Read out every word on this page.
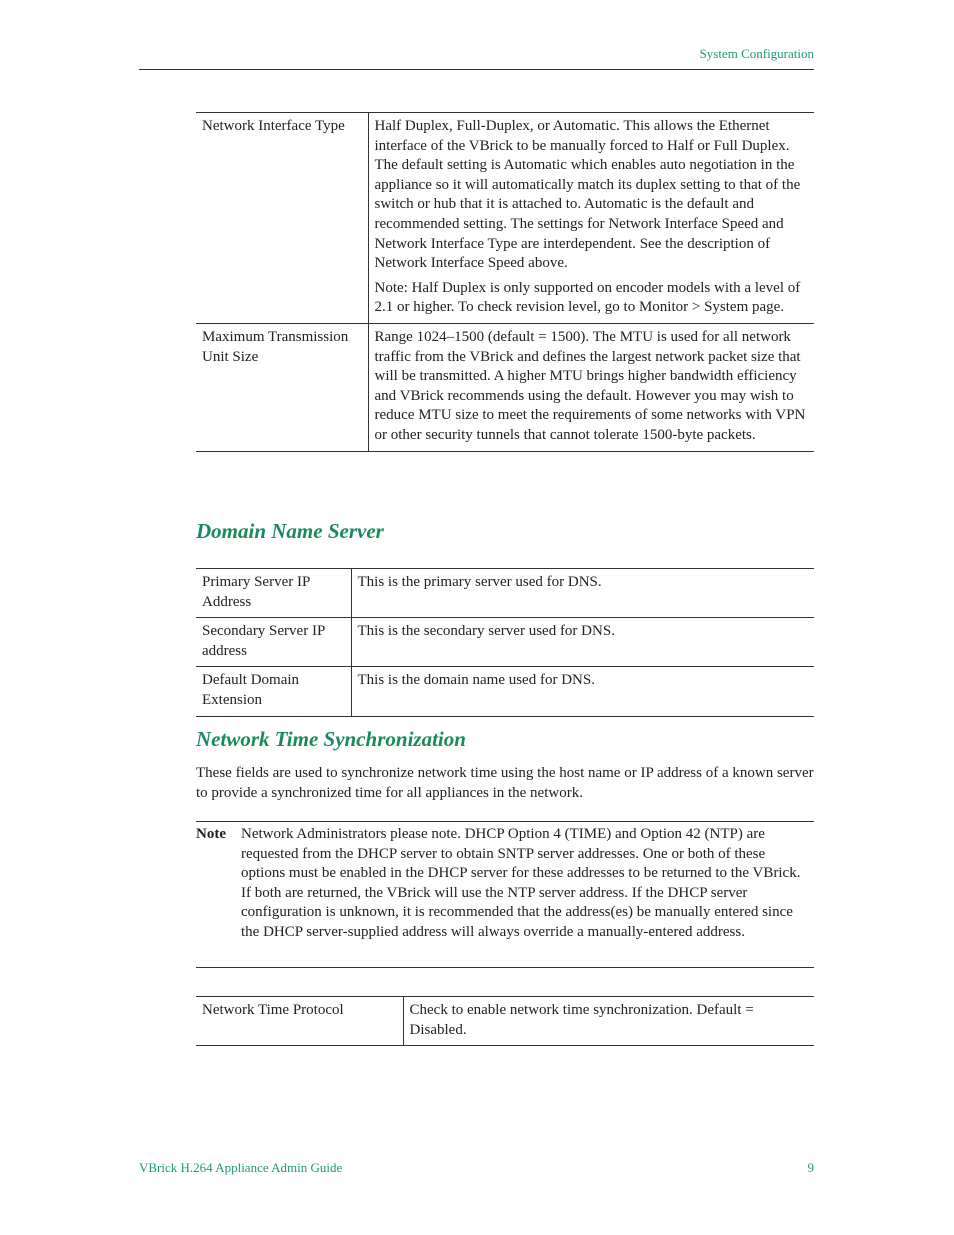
System Configuration
Network Interface Type	Half Duplex, Full-Duplex, or Automatic. This allows the Ethernet interface of the VBrick to be manually forced to Half or Full Duplex. The default setting is Automatic which enables auto negotiation in the appliance so it will automatically match its duplex setting to that of the switch or hub that it is attached to. Automatic is the default and recommended setting. The settings for Network Interface Speed and Network Interface Type are interdependent. See the description of Network Interface Speed above.

Note: Half Duplex is only supported on encoder models with a level of 2.1 or higher. To check revision level, go to Monitor > System page.

Maximum Transmission Unit Size	Range 1024–1500 (default = 1500). The MTU is used for all network traffic from the VBrick and defines the largest network packet size that will be transmitted. A higher MTU brings higher bandwidth efficiency and VBrick recommends using the default. However you may wish to reduce MTU size to meet the requirements of some networks with VPN or other security tunnels that cannot tolerate 1500-byte packets.

Domain Name Server
Primary Server IP Address	This is the primary server used for DNS.
Secondary Server IP address	This is the secondary server used for DNS.
Default Domain Extension	This is the domain name used for DNS.
Network Time Synchronization

These fields are used to synchronize network time using the host name or IP address of a known server to provide a synchronized time for all appliances in the network.

Note Network Administrators please note. DHCP Option 4 (TIME) and Option 42 (NTP) are requested from the DHCP server to obtain SNTP server addresses. One or both of these options must be enabled in the DHCP server for these addresses to be returned to the VBrick. If both are returned, the VBrick will use the NTP server address. If the DHCP server configuration is unknown, it is recommended that the address(es) be manually entered since the DHCP server-supplied address will always override a manually-entered address.
Network Time Protocol	Check to enable network time synchronization. Default = Disabled.
VBrick H.264 Appliance Admin Guide	9
